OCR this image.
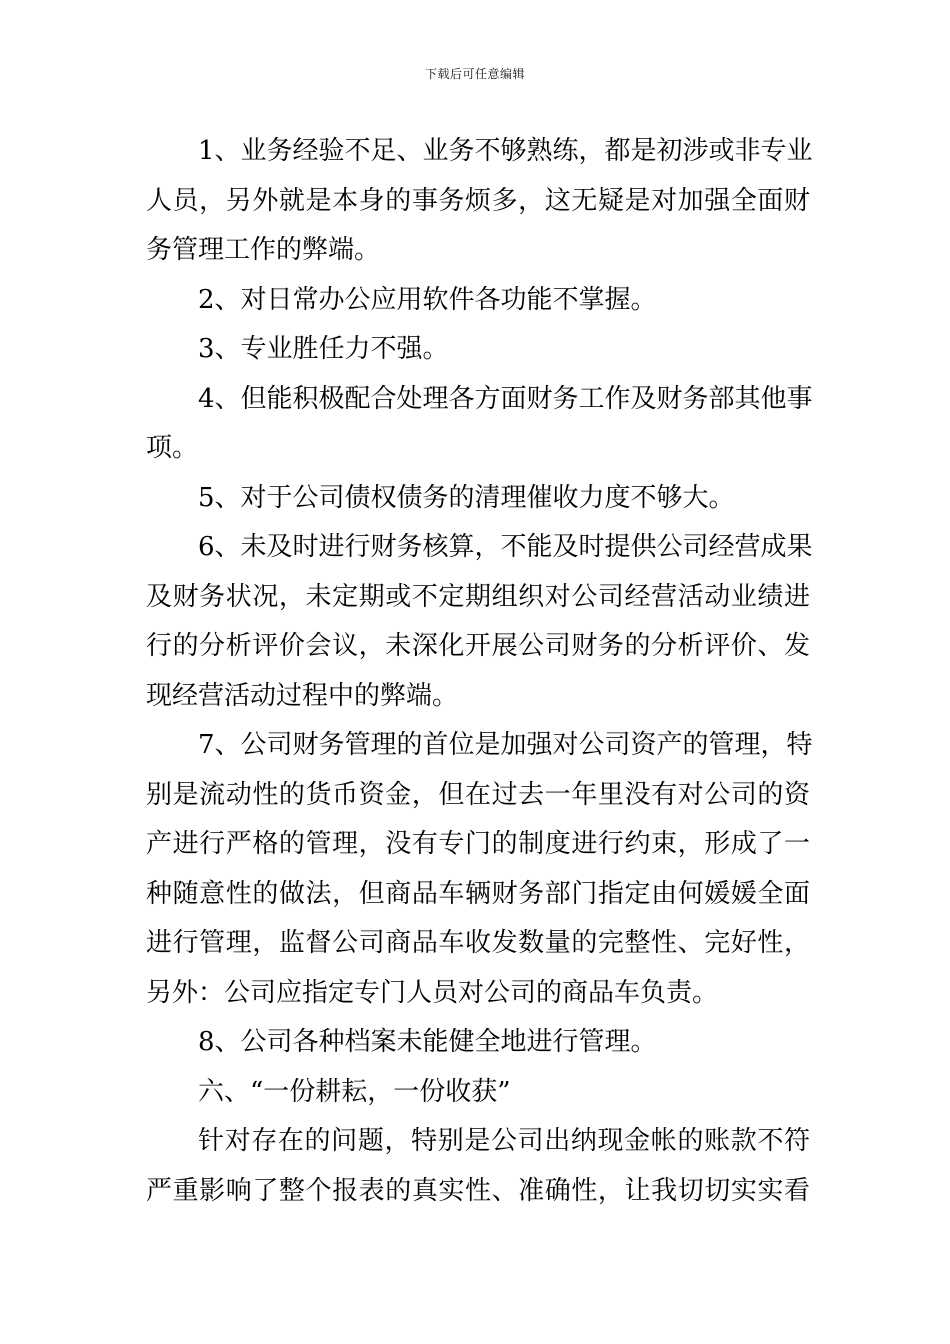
下载后可任意编辑
1、业务经验不足、业务不够熟练，都是初涉或非专业
人员，另外就是本身的事务烦多，这无疑是对加强全面财
务管理工作的弊端。
2、对日常办公应用软件各功能不掌握。
3、专业胜任力不强。
4、但能积极配合处理各方面财务工作及财务部其他事
项。
5、对于公司债权债务的清理催收力度不够大。
6、未及时进行财务核算，不能及时提供公司经营成果
及财务状况，未定期或不定期组织对公司经营活动业绩进
行的分析评价会议，未深化开展公司财务的分析评价、发
现经营活动过程中的弊端。
7、公司财务管理的首位是加强对公司资产的管理，特
别是流动性的货币资金，但在过去一年里没有对公司的资
产进行严格的管理，没有专门的制度进行约束，形成了一
种随意性的做法，但商品车辆财务部门指定由何媛媛全面
进行管理，监督公司商品车收发数量的完整性、完好性，
另外：公司应指定专门人员对公司的商品车负责。
8、公司各种档案未能健全地进行管理。
六、“一份耕耘，一份收获”
针对存在的问题，特别是公司出纳现金帐的账款不符
严重影响了整个报表的真实性、准确性，让我切切实实看
